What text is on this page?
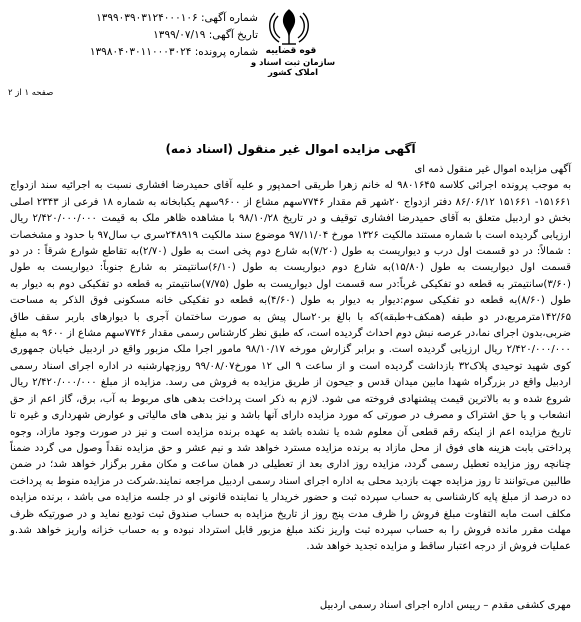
شماره آگهی: ۱۳۹۹۰۳۹۰۳۱۲۴۰۰۰۱۰۶
تاریخ آگهی: ۱۳۹۹/۰۷/۱۹
شماره پرونده: ۱۳۹۸۰۴۰۳۰۱۱۰۰۰۳۰۲۴ قوه قضاییه
سازمان ثبت اسناد و املاک کشور
صفحه ۱ از ۲
آگهی مزایده اموال غیر منقول (اسناد ذمه)

آگهی مزایده اموال غیر منقول ذمه ای

به موجب پرونده اجرائی کلاسه ۹۸۰۱۶۴۵ له خانم زهرا طریقی احمدپور و علیه آقای حمیدرضا افشاری نسبت به اجرائیه سند ازدواج ۱۵۱۶۶۱- ۱۵۱۶۶۱ ۸۶/۰۶/۱۲ دفتر ازدواج ۲۰شهر قم مقدار ۷۷۴۶سهم مشاع از ۹۶۰۰سهم یکبابخانه به شماره ۱۸ فرعی از ۲۳۴۳ اصلی بخش دو اردبیل متعلق به آقای حمیدرضا افشاری توقیف و در تاریخ ۹۸/۱۰/۲۸ با مشاهده ظاهر ملک به قیمت ۲/۴۲۰/۰۰۰/۰۰۰ ریال ارزیابی گردیده است با شماره مستند مالکیت ۱۳۲۶ مورخ ۹۷/۱۱/۰۴ موضوع سند مالکیت ۲۴۸۹۱۹سری ب سال۹۷ با حدود و مشخصات : شمالاً: در دو قسمت اول درب و دیواریست به طول (۷/۲۰)به شارع دوم پخی است به طول (۲/۷۰)به تقاطع شوارع شرقاً : در دو قسمت اول دیواریست به طول (۱۵/۸۰)به شارع دوم دیواریست به طول (۶/۱۰)سانتیمتر به شارع جنوباً: دیواریست به طول (۳/۶۰)سانتیمتر به قطعه دو تفکیکی غرباً:در سه قسمت اول دیواریست به طول (۷/۷۵)سانتیمتر به قطعه دو تفکیکی دوم به دیوار به طول (۸/۶۰)به قطعه دو تفکیکی سوم:دیوار به دیوار به طول (۴/۶۰)به قطعه دو تفکیکی خانه مسکونی فوق الذکر به مساحت ۱۴۲/۶۵مترمربع،در دو طبقه (همکف+طبقه)که با بالغ بر۲۰سال پیش به صورت ساختمان آجری با دیوارهای باربر سقف طاق ضربی،بدون اجرای نما،در عرصه نبش دوم احداث گردیده است، که طبق نظر کارشناس رسمی مقدار ۷۷۴۶سهم مشاع از ۹۶۰۰ به مبلغ ۲/۴۲۰/۰۰۰/۰۰۰ ریال ارزیابی گردیده است. و برابر گزارش مورخه ۹۸/۱۰/۱۷ مامور اجرا ملک مزبور واقع در اردبیل خیابان جمهوری کوی شهید توحیدی پلاک۳۲ بازداشت گردیده است و از ساعت ۹ الی ۱۲ مورخ۹۹/۰۸/۰۷ روزچهارشنبه در اداره اجرای اسناد رسمی اردبیل واقع در بزرگراه شهدا مابین میدان قدس و جیحون از طریق مزایده به فروش می رسد. مزایده از مبلغ ۲/۴۲۰/۰۰۰/۰۰۰ ریال شروع شده و به بالاترین قیمت پیشنهادی فروخته می شود. لازم به ذکر است پرداخت بدهی های مربوط به آب، برق، گاز اعم از حق انشعاب و یا حق اشتراک و مصرف در صورتی که مورد مزایده دارای آنها باشد و نیز بدهی های مالیاتی و عوارض شهرداری و غیره تا تاریخ مزایده اعم از اینکه رقم قطعی آن معلوم شده یا نشده باشد به عهده برنده مزایده است و نیز در صورت وجود مازاد، وجوه پرداختی بابت هزینه های فوق از محل مازاد به برنده مزایده مسترد خواهد شد و نیم عشر و حق مزایده نقداً وصول می گردد ضمناً چنانچه روز مزایده تعطیل رسمی گردد، مزایده روز اداری بعد از تعطیلی در همان ساعت و مکان مقرر برگزار خواهد شد؛ در ضمن طالبین می‌توانند تا روز مزایده جهت بازدید محلی به اداره اجرای اسناد رسمی اردبیل مراجعه نمایند.شرکت در مزایده منوط به پرداخت ده درصد از مبلغ پایه کارشناسی به حساب سپرده ثبت و حضور خریدار یا نماینده قانونی او در جلسه مزایده می باشد ، برنده مزایده مکلف است مابه التفاوت مبلغ فروش را ظرف مدت پنج روز از تاریخ مزایده به حساب صندوق ثبت تودیع نماید و در صورتیکه ظرف مهلت مقرر مانده فروش را به حساب سپرده ثبت واریز نکند مبلغ مزبور قابل استرداد نبوده و به حساب خزانه واریز خواهد شد.و عملیات فروش از درجه اعتبار ساقط و مزایده تجدید خواهد شد.

مهری کشفی مقدم – رییس اداره اجرای اسناد رسمی اردبیل
